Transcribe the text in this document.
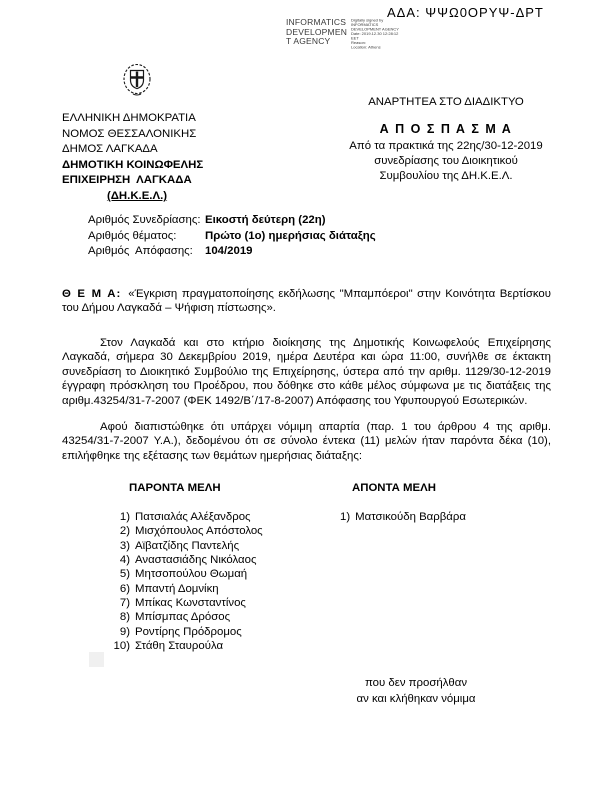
ΑΔΑ: ΨΨΩ0ΟΡΥΨ-ΔΡΤ
INFORMATICS
DEVELOPMEN
T AGENCY
Digitally signed by
INFORMATICS
DEVELOPMENT AGENCY
Date: 2019.12.30 12:28:12
EET
Reason:
Location: Athens
ΕΛΛΗΝΙΚΗ ΔΗΜΟΚΡΑΤΙΑ
ΝΟΜΟΣ ΘΕΣΣΑΛΟΝΙΚΗΣ
ΔΗΜΟΣ ΛΑΓΚΑΔΑ
ΔΗΜΟΤΙΚΗ ΚΟΙΝΩΦΕΛΗΣ
ΕΠΙΧΕΙΡΗΣΗ  ΛΑΓΚΑΔΑ
(ΔΗ.Κ.Ε.Λ.)
ΑΝΑΡΤΗΤΕΑ ΣΤΟ ΔΙΑΔΙΚΤΥΟ
Α Π Ο Σ Π Α Σ Μ Α
Από τα πρακτικά της 22ης/30-12-2019
συνεδρίασης του Διοικητικού
Συμβουλίου της ΔΗ.Κ.Ε.Λ.
Αριθμός Συνεδρίασης: Εικοστή δεύτερη (22η)
Αριθμός θέματος:	Πρώτο (1ο) ημερήσιας διάταξης
Αριθμός  Απόφασης: 104/2019
Θ Ε Μ Α: «Έγκριση πραγματοποίησης εκδήλωσης "Μπαμπόεροι" στην Κοινότητα Βερτίσκου του Δήμου Λαγκαδά – Ψήφιση πίστωσης».
Στον Λαγκαδά και στο κτήριο διοίκησης της Δημοτικής Κοινωφελούς Επιχείρησης Λαγκαδά, σήμερα 30 Δεκεμβρίου 2019, ημέρα Δευτέρα και ώρα 11:00, συνήλθε σε έκτακτη συνεδρίαση το Διοικητικό Συμβούλιο της Επιχείρησης, ύστερα από την αριθμ. 1129/30-12-2019 έγγραφη πρόσκληση του Προέδρου, που δόθηκε στο κάθε μέλος σύμφωνα με τις διατάξεις της αριθμ.43254/31-7-2007 (ΦΕΚ 1492/Β΄/17-8-2007) Απόφασης του Υφυπουργού Εσωτερικών.
Αφού διαπιστώθηκε ότι υπάρχει νόμιμη απαρτία (παρ. 1 του άρθρου 4 της αριθμ. 43254/31-7-2007 Υ.Α.), δεδομένου ότι σε σύνολο έντεκα (11) μελών ήταν παρόντα δέκα (10), επιλήφθηκε της εξέτασης των θεμάτων ημερήσιας διάταξης:
ΠΑΡΟΝΤΑ ΜΕΛΗ	ΑΠΟΝΤΑ ΜΕΛΗ
1) Πατσιαλάς Αλέξανδρος
2) Μισχόπουλος Απόστολος
3) Αϊβατζίδης Παντελής
4) Αναστασιάδης Νικόλαος
5) Μητσοπούλου Θωμαή
6) Μπαντή Δομνίκη
7) Μπίκας Κωνσταντίνος
8) Μπίσμπας Δρόσος
9) Ροντίρης Πρόδρομος
10) Στάθη Σταυρούλα
1) Ματσικούδη Βαρβάρα
που δεν προσήλθαν
αν και κλήθηκαν νόμιμα
